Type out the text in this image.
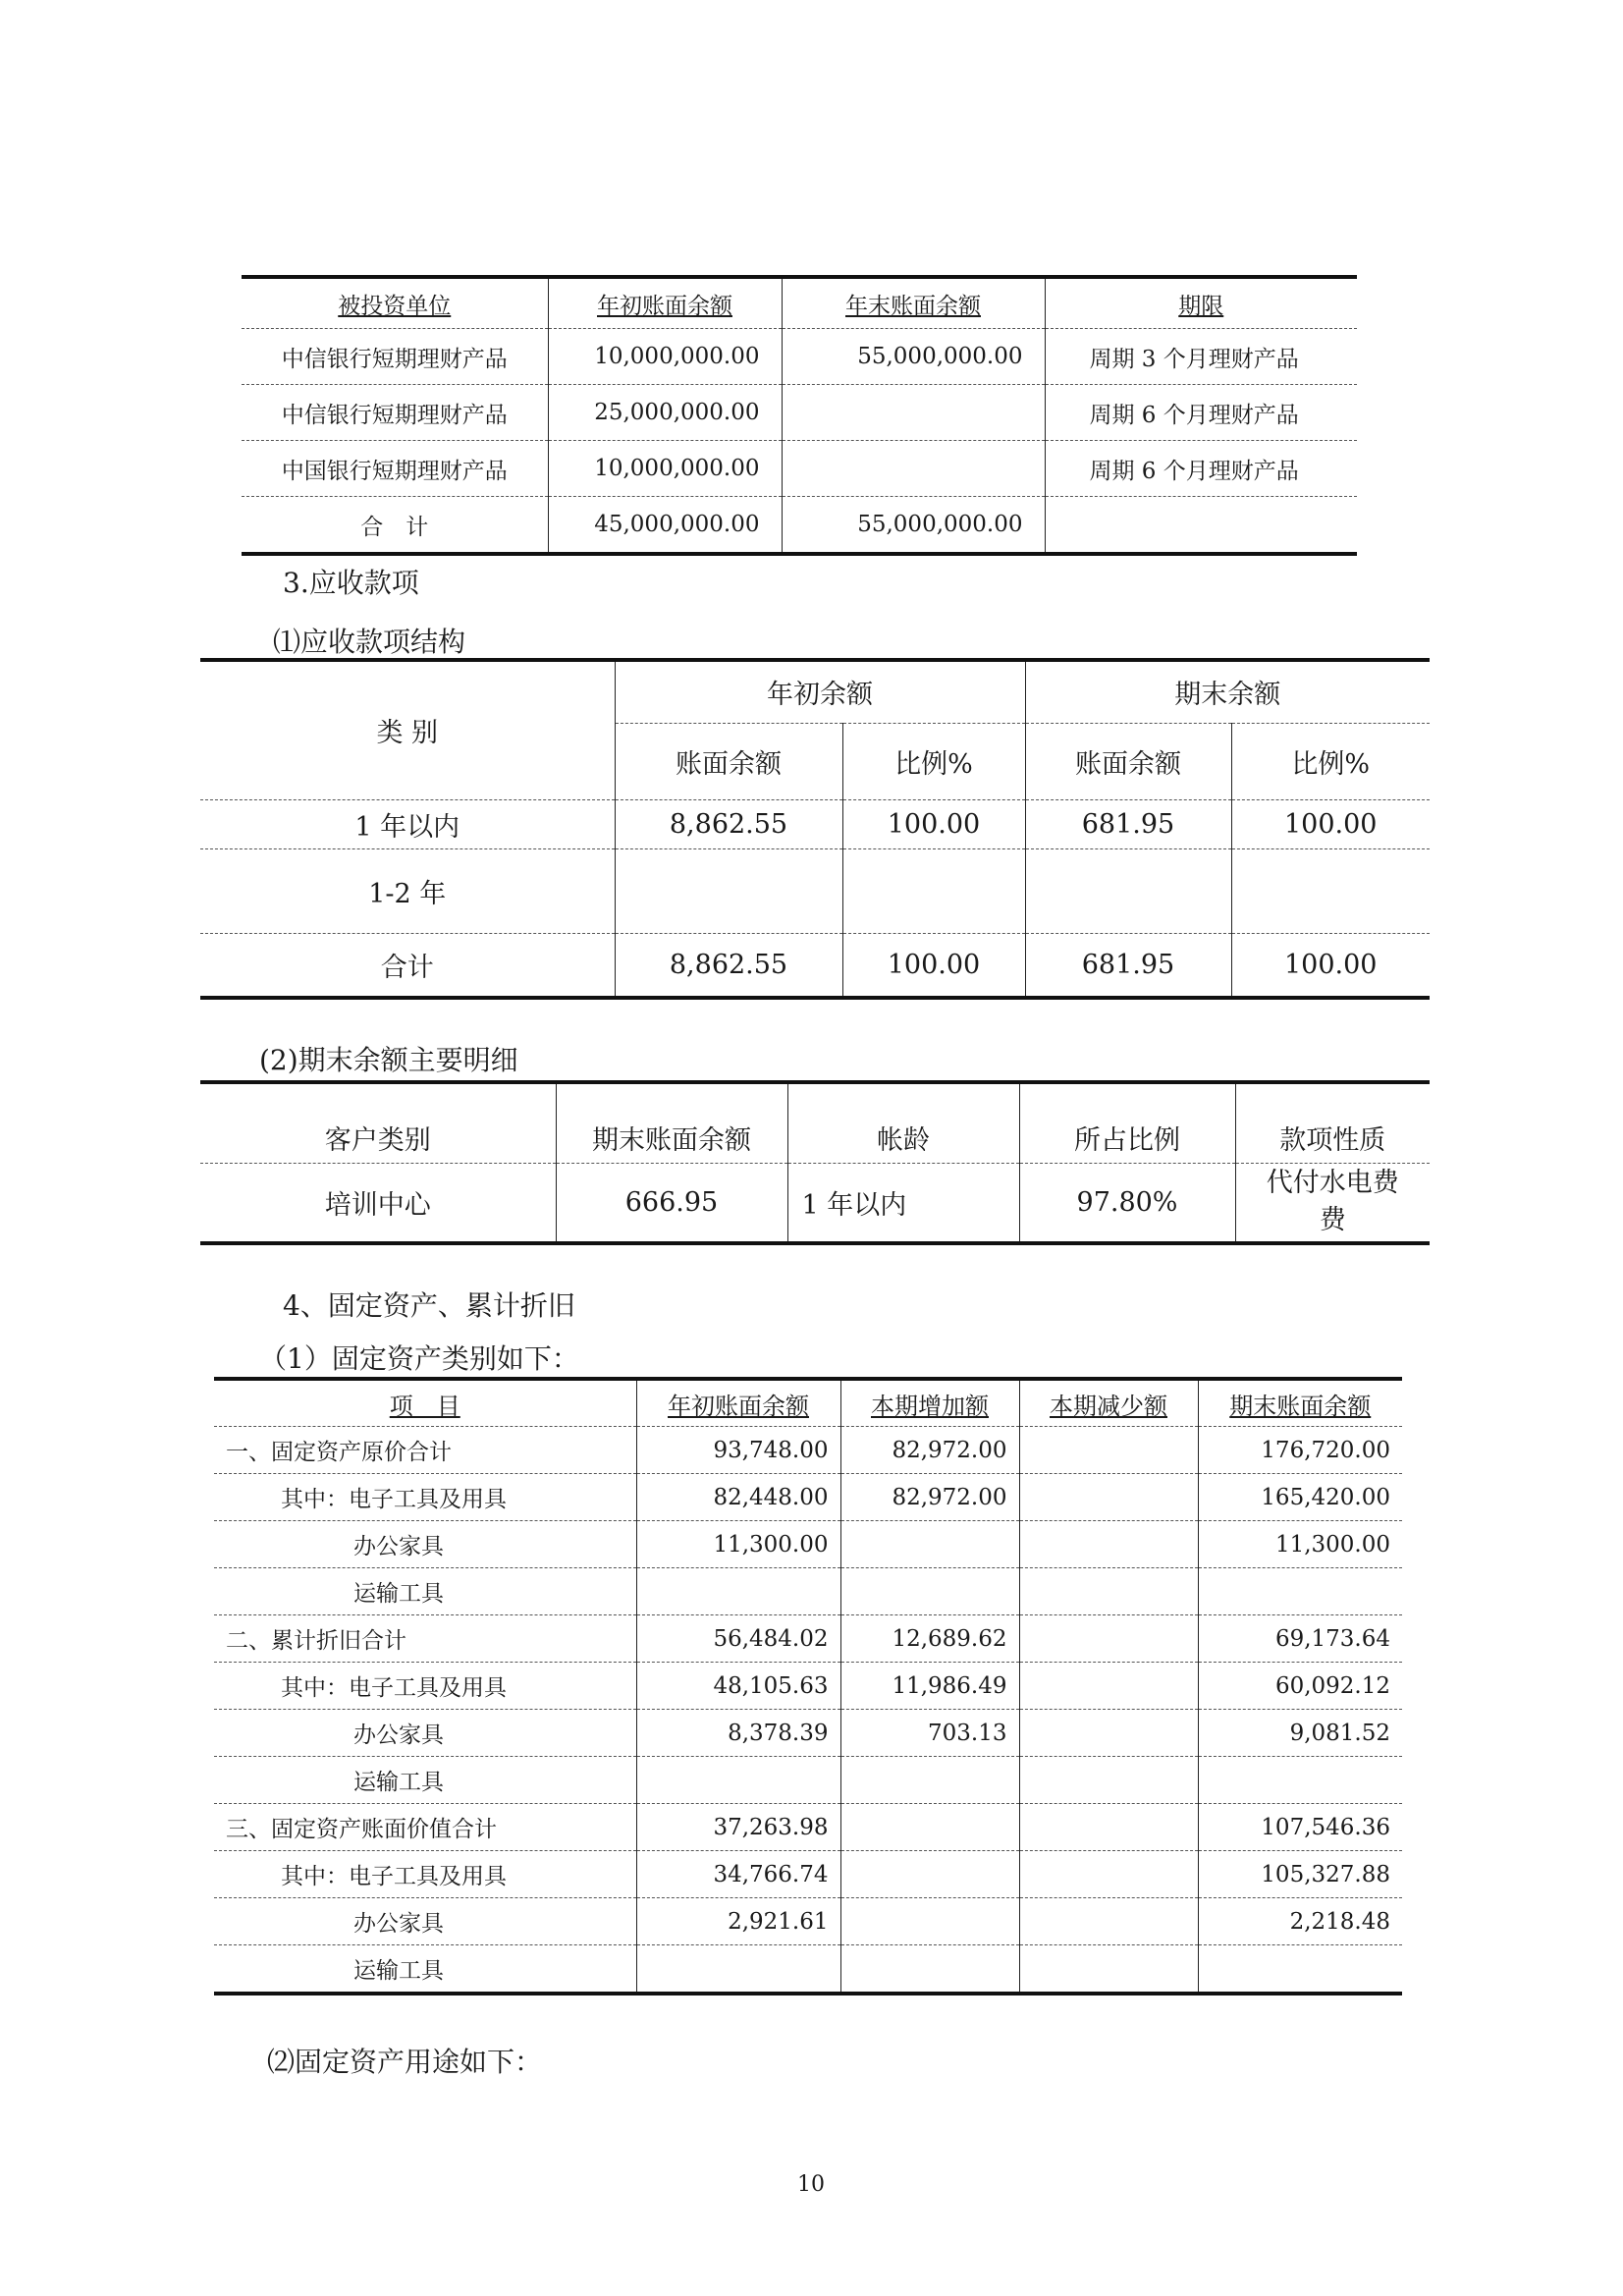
被投资单位	年初账面余额	年末账面余额	期限
中信银行短期理财产品	10,000,000.00	55,000,000.00	周期 3 个月理财产品
中信银行短期理财产品	25,000,000.00		周期 6 个月理财产品
中国银行短期理财产品	10,000,000.00		周期 6 个月理财产品
合　计	45,000,000.00	55,000,000.00	
3.应收款项
⑴应收款项结构
类 别	年初余额		期末余额	
	账面余额	比例%	账面余额	比例%
1 年以内	8,862.55	100.00	681.95	100.00
1-2 年				
合计	8,862.55	100.00	681.95	100.00
(2)期末余额主要明细
客户类别	期末账面余额	帐龄	所占比例	款项性质
培训中心	666.95	1 年以内	97.80%	代付水电费
费
4、固定资产、累计折旧
（1）固定资产类别如下：
项　目	年初账面余额	本期增加额	本期减少额	期末账面余额
一、固定资产原价合计	93,748.00	82,972.00		176,720.00
其中：电子工具及用具	82,448.00	82,972.00		165,420.00
办公家具	11,300.00			11,300.00
运输工具				
二、累计折旧合计	56,484.02	12,689.62		69,173.64
其中：电子工具及用具	48,105.63	11,986.49		60,092.12
办公家具	8,378.39	703.13		9,081.52
运输工具				
三、固定资产账面价值合计	37,263.98			107,546.36
其中：电子工具及用具	34,766.74			105,327.88
办公家具	2,921.61			2,218.48
运输工具				
⑵固定资产用途如下：
10
